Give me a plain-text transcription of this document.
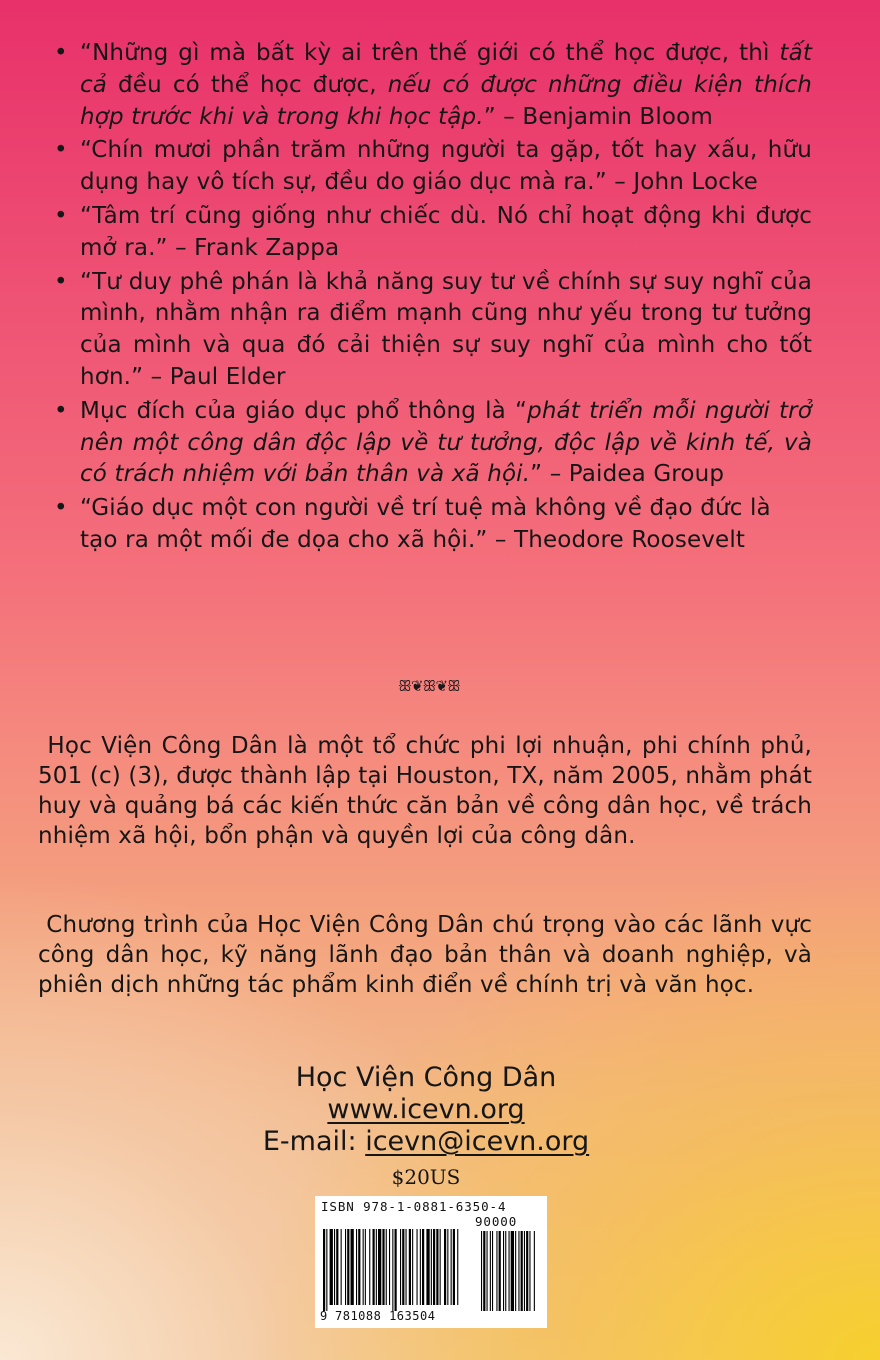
• “Những gì mà bất kỳ ai trên thế giới có thể học được, thì tất cả đều có thể học được, nếu có được những điều kiện thích hợp trước khi và trong khi học tập.” – Benjamin Bloom
• “Chín mươi phần trăm những người ta gặp, tốt hay xấu, hữu dụng hay vô tích sự, đều do giáo dục mà ra.” – John Locke
• “Tâm trí cũng giống như chiếc dù. Nó chỉ hoạt động khi được mở ra.” – Frank Zappa
• “Tư duy phê phán là khả năng suy tư về chính sự suy nghĩ của mình, nhằm nhận ra điểm mạnh cũng như yếu trong tư tưởng của mình và qua đó cải thiện sự suy nghĩ của mình cho tốt hơn.” – Paul Elder
• Mục đích của giáo dục phổ thông là “phát triển mỗi người trở nên một công dân độc lập về tư tưởng, độc lập về kinh tế, và có trách nhiệm với bản thân và xã hội.” – Paidea Group
• “Giáo dục một con người về trí tuệ mà không về đạo đức là tạo ra một mối đe dọa cho xã hội.” – Theodore Roosevelt
ꕥ❦ꕥ❦ꕥ

Học Viện Công Dân là một tổ chức phi lợi nhuận, phi chính phủ, 501 (c) (3), được thành lập tại Houston, TX, năm 2005, nhằm phát huy và quảng bá các kiến thức căn bản về công dân học, về trách nhiệm xã hội, bổn phận và quyền lợi của công dân.

Chương trình của Học Viện Công Dân chú trọng vào các lãnh vực công dân học, kỹ năng lãnh đạo bản thân và doanh nghiệp, và phiên dịch những tác phẩm kinh điển về chính trị và văn học.

Học Viện Công Dân
www.icevn.org
E-mail: icevn@icevn.org
$20US
ISBN 978-1-0881-6350-4
90000
9 781088 163504
